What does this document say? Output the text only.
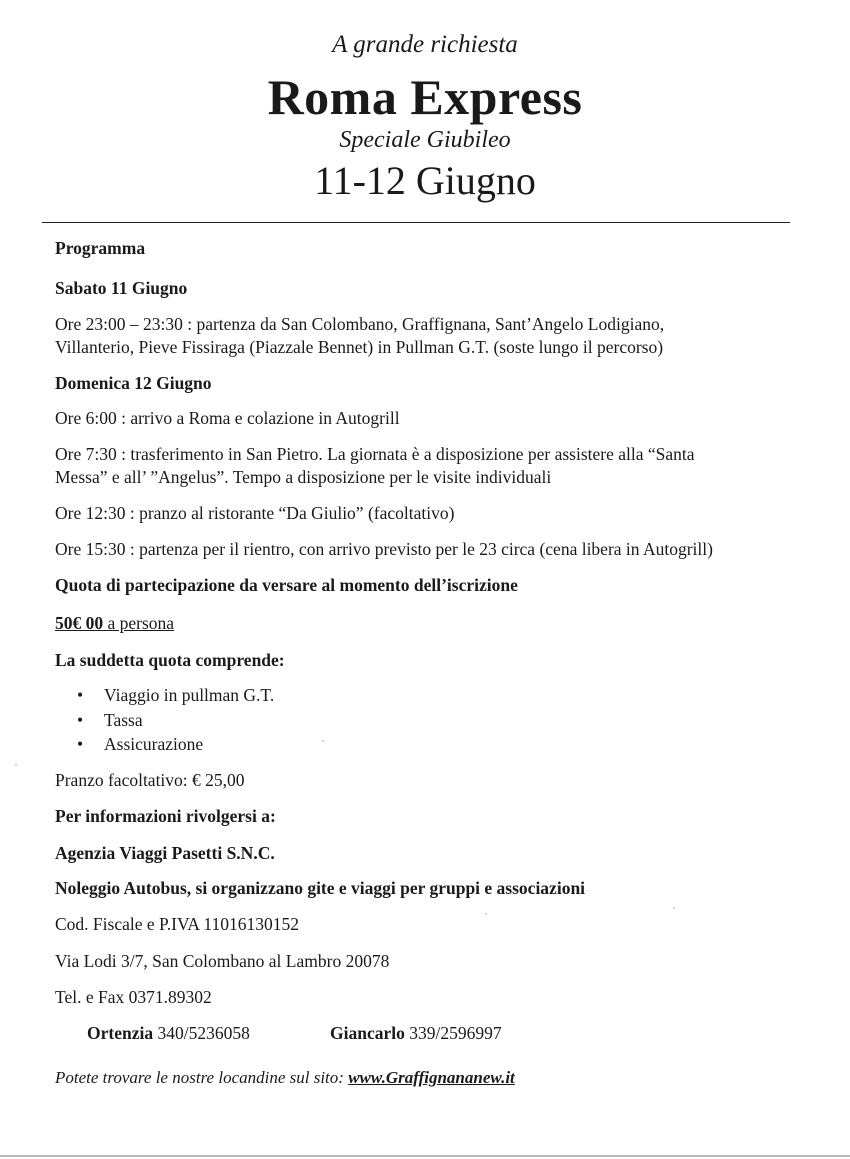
A grande richiesta
Roma Express
Speciale Giubileo
11-12 Giugno
Programma
Sabato 11 Giugno
Ore 23:00 – 23:30 : partenza da San Colombano, Graffignana, Sant’Angelo Lodigiano,
Villanterio, Pieve Fissiraga (Piazzale Bennet) in Pullman G.T. (soste lungo il percorso)
Domenica 12 Giugno
Ore 6:00 : arrivo a Roma e colazione in Autogrill
Ore 7:30 : trasferimento in San Pietro. La giornata è a disposizione per assistere alla “Santa
Messa” e all’ ”Angelus”. Tempo a disposizione per le visite individuali
Ore 12:30 : pranzo al ristorante “Da Giulio” (facoltativo)
Ore 15:30 : partenza per il rientro, con arrivo previsto per le 23 circa (cena libera in Autogrill)
Quota di partecipazione da versare al momento dell’iscrizione
50€ 00 a persona
La suddetta quota comprende:
• Viaggio in pullman G.T.
• Tassa
• Assicurazione
Pranzo facoltativo: € 25,00
Per informazioni rivolgersi a:
Agenzia Viaggi Pasetti S.N.C.
Noleggio Autobus, si organizzano gite e viaggi per gruppi e associazioni
Cod. Fiscale e P.IVA 11016130152
Via Lodi 3/7, San Colombano al Lambro 20078
Tel. e Fax 0371.89302
Ortenzia 340/5236058	Giancarlo 339/2596997
Potete trovare le nostre locandine sul sito: www.Graffignananew.it
